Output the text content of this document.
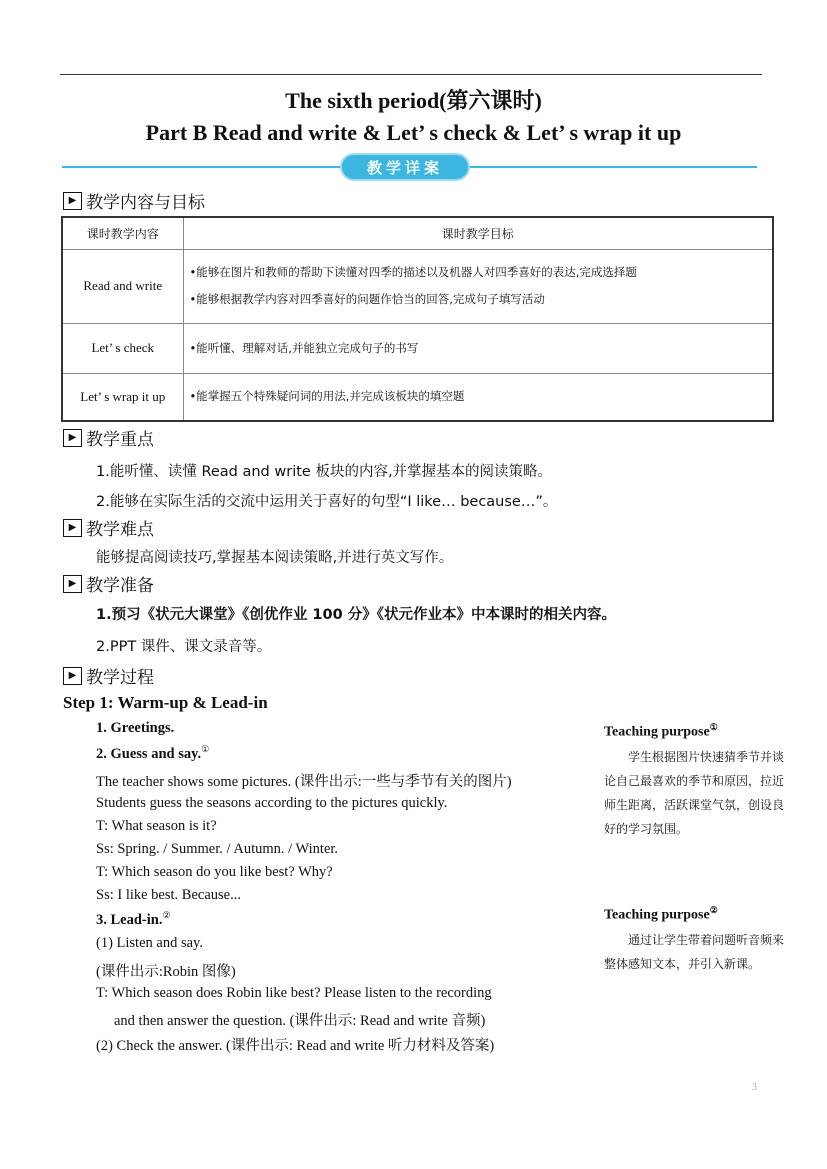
The sixth period(第六课时)
Part B Read and write & Let’ s check & Let’ s wrap it up
教学详案
▶ 教学内容与目标
课时教学内容	课时教学目标
Read and write	•能够在图片和教师的帮助下读懂对四季的描述以及机器人对四季喜好的表达,完成选择题
•能够根据教学内容对四季喜好的问题作恰当的回答,完成句子填写活动

Let’ s check	•能听懂、理解对话,并能独立完成句子的书写

Let’ s wrap it up	•能掌握五个特殊疑问词的用法,并完成该板块的填空题
▶ 教学重点
1.能听懂、读懂 Read and write 板块的内容,并掌握基本的阅读策略。
2.能够在实际生活的交流中运用关于喜好的句型“I like… because…”。
▶ 教学难点
能够提高阅读技巧,掌握基本阅读策略,并进行英文写作。
▶ 教学准备
1.预习《状元大课堂》《创优作业 100 分》《状元作业本》中本课时的相关内容。
2.PPT 课件、课文录音等。
▶ 教学过程
Step 1: Warm-up & Lead-in
1. Greetings.
2. Guess and say.①
The teacher shows some pictures. (课件出示:一些与季节有关的图片)
Students guess the seasons according to the pictures quickly.
T: What season is it?
Ss: Spring. / Summer. / Autumn. / Winter.
T: Which season do you like best? Why?
Ss: I like best. Because...
3. Lead-in.②
(1) Listen and say.
(课件出示:Robin 图像)
T: Which season does Robin like best? Please listen to the recording
and then answer the question. (课件出示: Read and write 音频)
(2) Check the answer. (课件出示: Read and write 听力材料及答案)
Teaching purpose①
学生根据图片快速猜季节并谈论自己最喜欢的季节和原因，拉近师生距离，活跃课堂气氛，创设良好的学习氛围。
Teaching purpose②
通过让学生带着问题听音频来整体感知文本，并引入新课。
3
